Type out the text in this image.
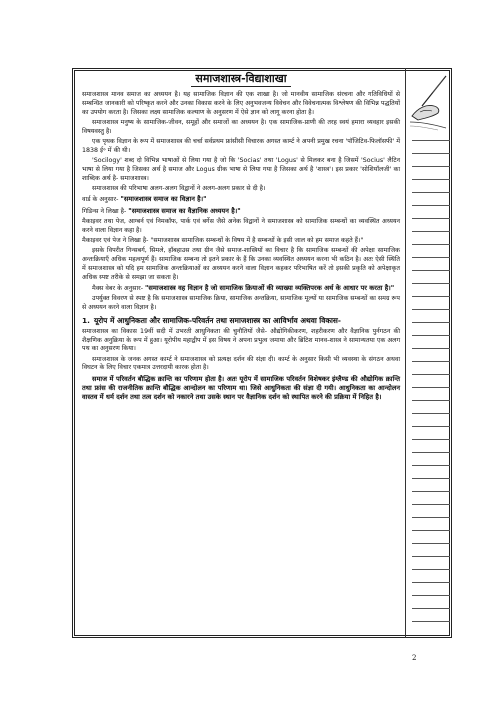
समाजशास्त्र-विद्याशाखा

समाजशास्त्र मानव समाज का अध्ययन है। यह सामाजिक विज्ञान की एक शाखा है। जो मानवीय सामाजिक संरचना और गतिविधियों से सम्बन्धित जानकारी को परिष्कृत करने और उनका विकास करने के लिए अनुभवजन्य विवेचन और विवेचनात्मक विश्लेषण की विभिन्न पद्धतियों का उपयोग करता है। जिसका लक्ष्य सामाजिक कल्याण के अनुसरण में ऐसे ज्ञान को लागू करना होता है।

समाजशास्त्र मनुष्य के सामाजिक-जीवन, समूहों और समाजों का अध्ययन है। एक सामाजिक-प्राणी की तरह स्वयं हमारा व्यवहार इसकी विषयवस्तु है।

एक पृथक विज्ञान के रूप में समाजशास्त्र की चर्चा सर्वप्रथम फ्रांसीसी विचारक अगस्त कार्म्ट ने अपनी प्रमुख रचना 'पॉजिटिव-फिलॉसफी' में 1838 ई॰ में की थी।

'Socilogy' शब्द दो विभिन्न भाषाओं से लिया गया है जो कि 'Socias' तथा 'Logus' से मिलकर बना है जिसमें 'Socius' लैटिन भाषा से लिया गया है जिसका अर्थ है समाज और Logus ग्रीक भाषा से लिया गया है जिसका अर्थ है 'शास्त्र'। इस प्रकार 'सोशियॉलजी' का शाब्दिक अर्थ है- समाजशास्त्र।

समाजशास्त्र की परिभाषा अलग-अलग विद्वानों ने अलग-अलग प्रकार से दी है।

वार्ड के अनुसार- "समाजशास्त्र समाज का विज्ञान है।"

गिडिन्स ने लिखा है- "समाजशास्त्र समाज का वैज्ञानिक अध्ययन है।"

मैकाइवर तथा पेज, आग्बर्न एवं निमकॉफ, पार्क एवं बर्गेस जैसे अनेक विद्वानों ने समाजशास्त्र को सामाजिक सम्बन्धों का व्यवस्थित अध्ययन करने वाला विज्ञान कहा है।

मैकाइवर एवं पेज ने लिखा है- "समाजशास्त्र सामाजिक सम्बन्धों के विषय में है सम्बन्धों के इसी जाल को हम समाज कहते हैं।"

इसके विपरीत गिन्सबर्ग, सिमले, हॉबहाउस तथा ग्रीन जैसे समाज-शास्त्रियों का विचार है कि सामाजिक सम्बन्धों की अपेक्षा सामाजिक अन्तःक्रियाएँ अधिक महत्वपूर्ण हैं। सामाजिक सम्बन्ध तो इतने प्रकार के हैं कि उनका व्यवस्थित अध्ययन करना भी कठिन है। अतः ऐसी स्थिति में समाजशास्त्र को यदि हम सामाजिक अन्तःक्रियाओं का अध्ययन करने वाला विज्ञान कहकर परिभाषित करें तो इसकी प्रकृति को अपेक्षाकृत अधिक स्पष्ट तरीके से समझा जा सकता है।

मैक्स वेबर के अनुसार- "समाजशास्त्र वह विज्ञान है जो सामाजिक क्रियाओं की व्याख्या व्यक्तिपरक अर्थ के आधार पर करता है।"

उपर्युक्त विवरण से स्पष्ट है कि समाजशास्त्र सामाजिक क्रिया, सामाजिक अन्तक्रिया, सामाजिक मूल्यों या सामाजिक सम्बन्धों का समग्र रूप से अध्ययन करने वाला विज्ञान है।

1. यूरोप में आधुनिकता और सामाजिक-परिवर्तन तथा समाजशास्त्र का आविर्भाव अथवा विकास-

समाजशास्त्र का विकास 19वीं सदी में उभरती आधुनिकता की चुनौतियों जैसे- औद्योगिकीकरण, शहरीकरण और वैज्ञानिक पुर्नगठन की शैक्षणिक अनुक्रिया के रूप में हुआ। यूरोपीय महाद्वीप में इस विषय ने अपना प्रभुत्व जमाया और ब्रिटिश मानव-शास्त्र ने सामान्यतया एक अलग पथ का अनुसरण किया।

समाजशास्त्र के जनक अगस्त कार्म्ट ने समाजशास्त्र को प्रत्यक्ष दर्शन की संज्ञा दी। कार्म्ट के अनुसार किसी भी व्यवस्था के संगठन अथवा विघटन के लिए विचार एकमात्र उत्तरदायी कारक होता है।

समाज में परिवर्तन बौद्धिक क्रान्ति का परिणाम होता है। अतः यूरोप में सामाजिक परिवर्तन विशेषकर इंग्लैण्ड की औद्योगिक क्रान्ति तथा फ्रांस की राजनीतिक क्रान्ति बौद्धिक आन्दोलन का परिणाम था। जिसे आधुनिकता की संज्ञा दी गयी। आधुनिकता का आन्दोलन वास्तव में धर्म दर्शन तथा तत्व दर्शन को नकारने तथा उसके स्थान पर वैज्ञानिक दर्शन को स्थापित करने की प्रक्रिया में निहित है।

2
